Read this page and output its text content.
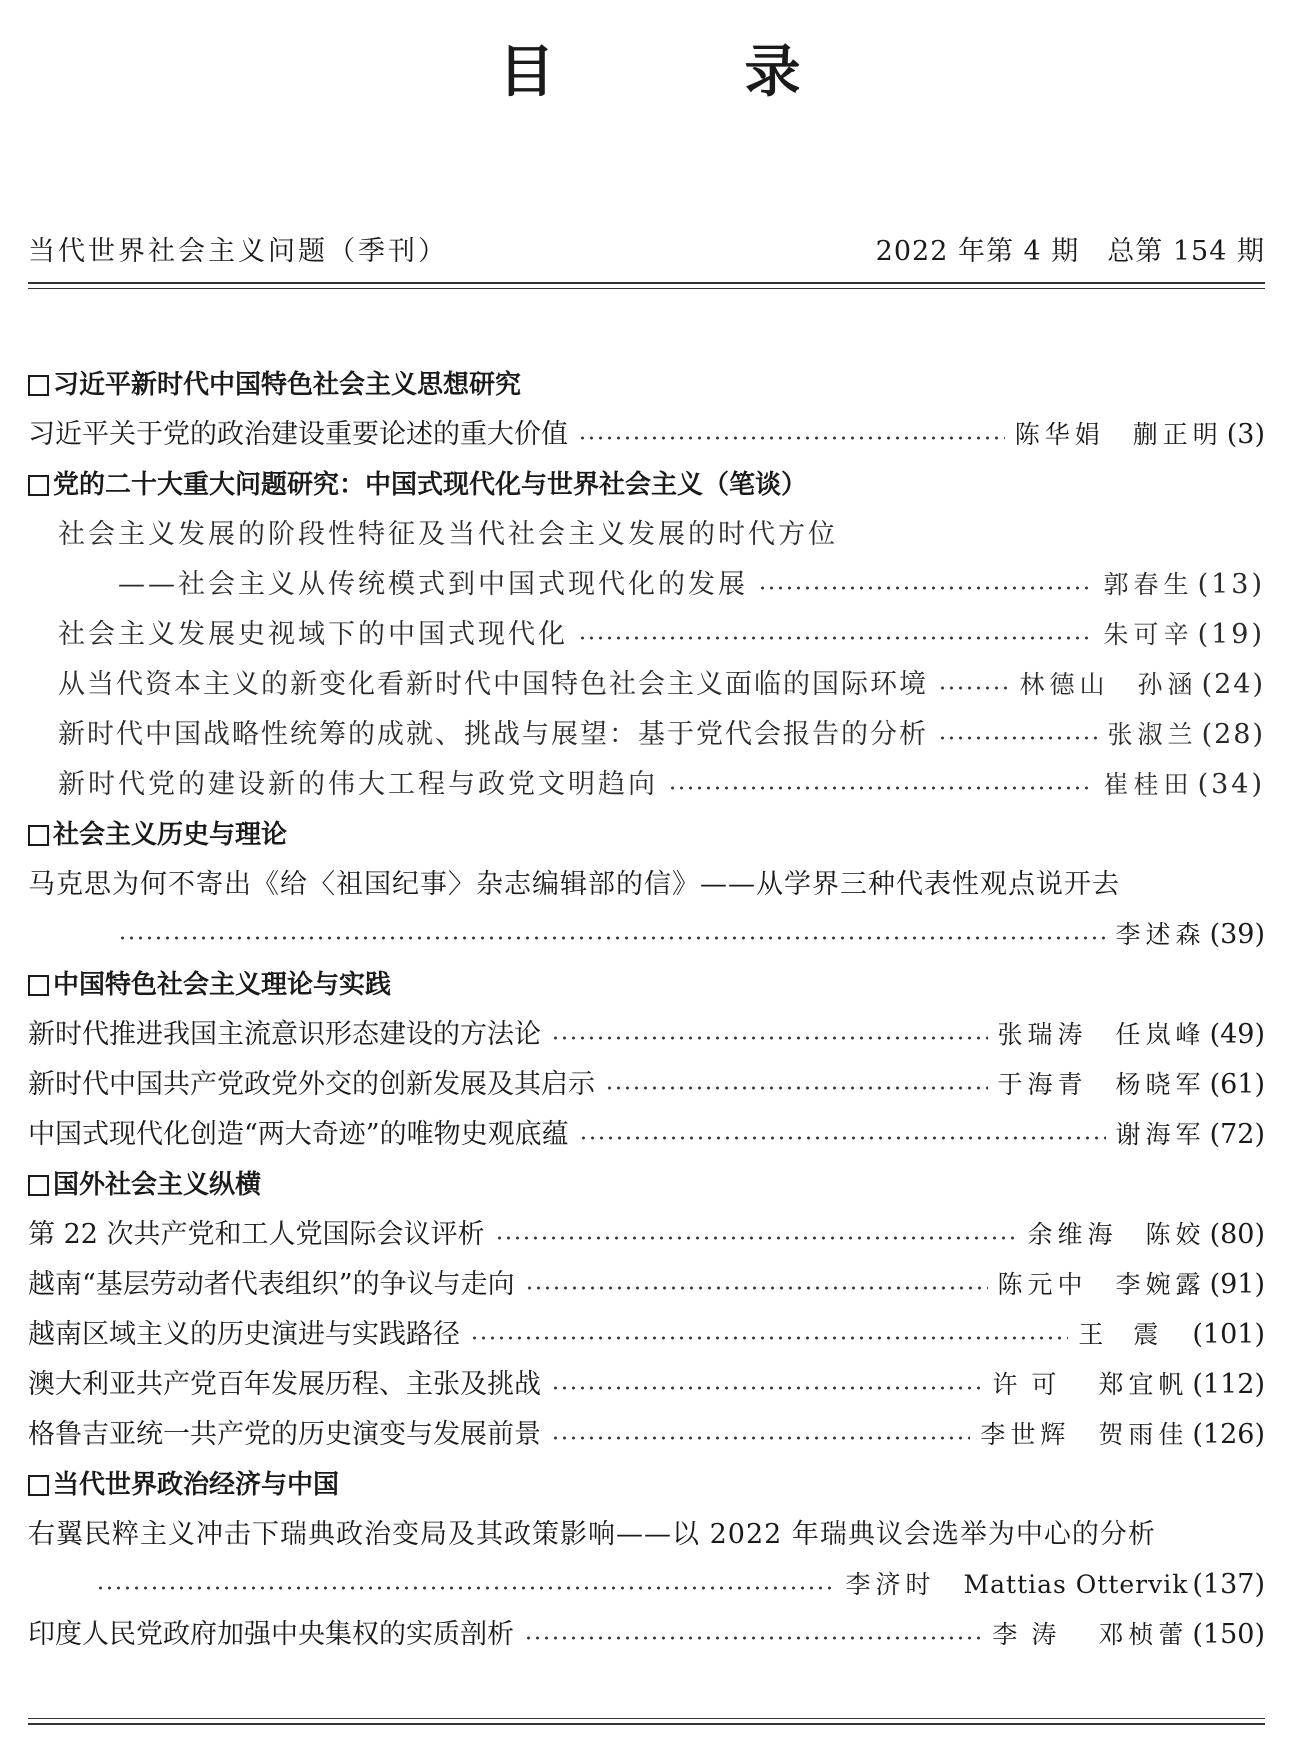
目	录
当代世界社会主义问题（季刊）	2022 年第 4 期　总第 154 期
习近平新时代中国特色社会主义思想研究
习近平关于党的政治建设重要论述的重大价值	陈华娟 蒯正明 (3)
党的二十大重大问题研究：中国式现代化与世界社会主义（笔谈）
社会主义发展的阶段性特征及当代社会主义发展的时代方位
——社会主义从传统模式到中国式现代化的发展	郭春生 (13)
社会主义发展史视域下的中国式现代化	朱可辛 (19)
从当代资本主义的新变化看新时代中国特色社会主义面临的国际环境	林德山 孙涵 (24)
新时代中国战略性统筹的成就、挑战与展望：基于党代会报告的分析	张淑兰 (28)
新时代党的建设新的伟大工程与政党文明趋向	崔桂田 (34)
社会主义历史与理论
马克思为何不寄出《给〈祖国纪事〉杂志编辑部的信》——从学界三种代表性观点说开去
李述森 (39)
中国特色社会主义理论与实践
新时代推进我国主流意识形态建设的方法论	张瑞涛 任岚峰 (49)
新时代中国共产党政党外交的创新发展及其启示	于海青 杨晓军 (61)
中国式现代化创造“两大奇迹”的唯物史观底蕴	谢海军 (72)
国外社会主义纵横
第 22 次共产党和工人党国际会议评析	余维海 陈姣 (80)
越南“基层劳动者代表组织”的争议与走向	陈元中 李婉露 (91)
越南区域主义的历史演进与实践路径	王震 (101)
澳大利亚共产党百年发展历程、主张及挑战	许可 郑宜帆 (112)
格鲁吉亚统一共产党的历史演变与发展前景	李世辉 贺雨佳 (126)
当代世界政治经济与中国
右翼民粹主义冲击下瑞典政治变局及其政策影响——以 2022 年瑞典议会选举为中心的分析
李济时 Mattias Ottervik (137)
印度人民党政府加强中央集权的实质剖析	李涛 邓桢蕾 (150)
